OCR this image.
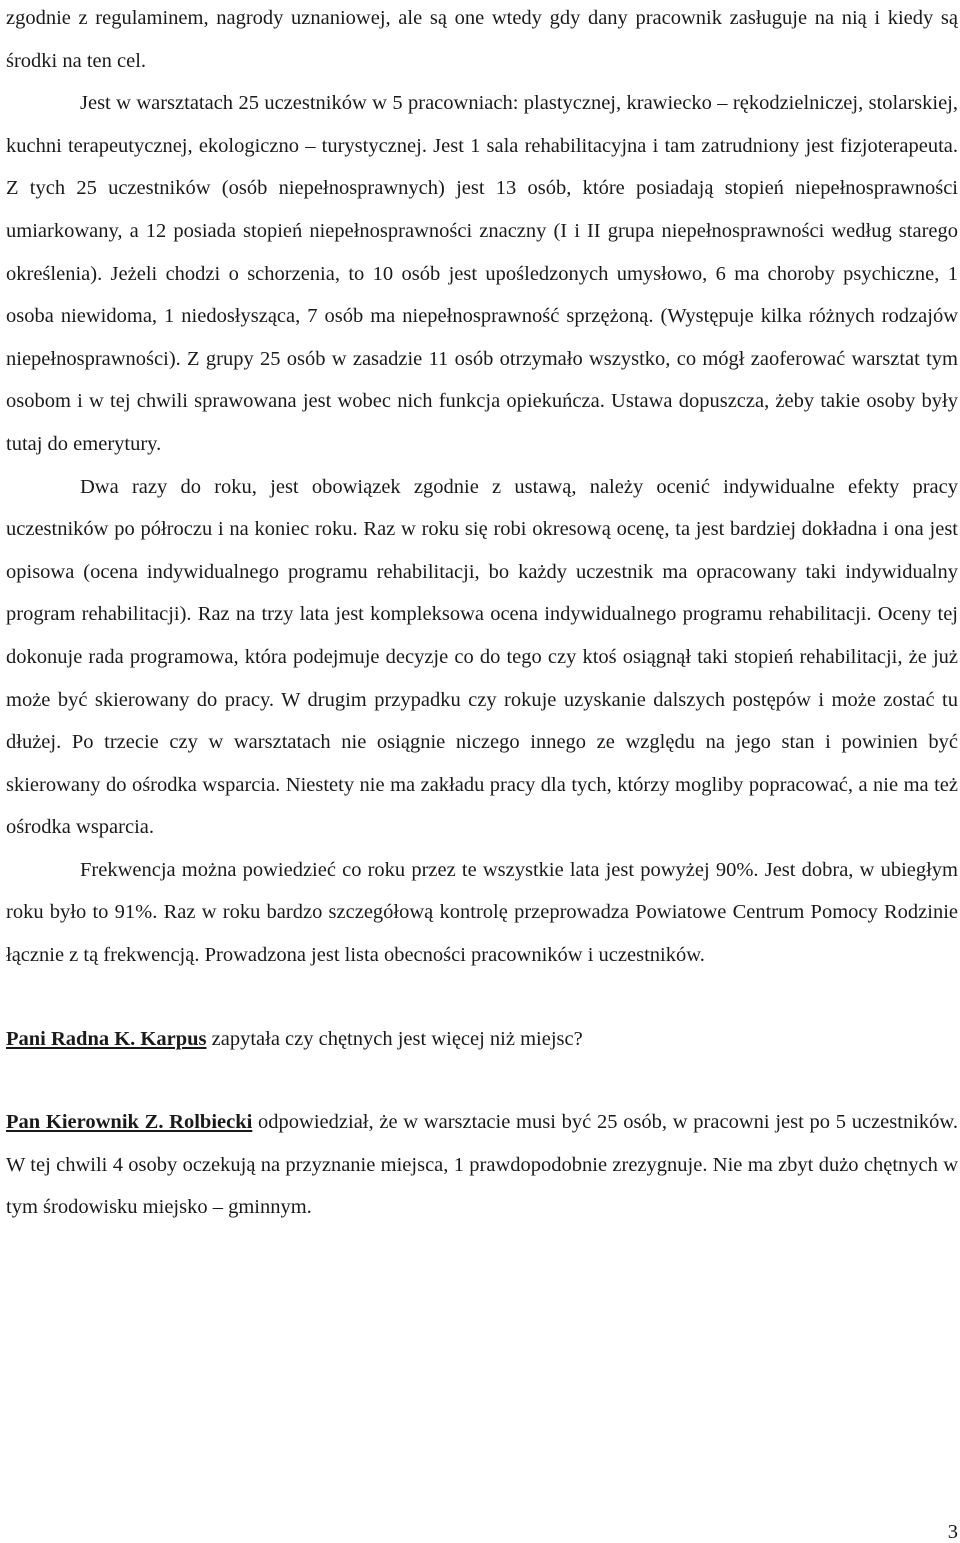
zgodnie z regulaminem, nagrody uznaniowej, ale są one wtedy gdy dany pracownik zasługuje na nią i kiedy są środki na ten cel.

Jest w warsztatach 25 uczestników w 5 pracowniach: plastycznej, krawiecko – rękodzielniczej, stolarskiej, kuchni terapeutycznej, ekologiczno – turystycznej. Jest 1 sala rehabilitacyjna i tam zatrudniony jest fizjoterapeuta. Z tych 25 uczestników (osób niepełnosprawnych) jest 13 osób, które posiadają stopień niepełnosprawności umiarkowany, a 12 posiada stopień niepełnosprawności znaczny (I i II grupa niepełnosprawności według starego określenia). Jeżeli chodzi o schorzenia, to 10 osób jest upośledzonych umysłowo, 6 ma choroby psychiczne, 1 osoba niewidoma, 1 niedosłysząca, 7 osób ma niepełnosprawność sprzężoną. (Występuje kilka różnych rodzajów niepełnosprawności). Z grupy 25 osób w zasadzie 11 osób otrzymało wszystko, co mógł zaoferować warsztat tym osobom i w tej chwili sprawowana jest wobec nich funkcja opiekuńcza. Ustawa dopuszcza, żeby takie osoby były tutaj do emerytury.

Dwa razy do roku, jest obowiązek zgodnie z ustawą, należy ocenić indywidualne efekty pracy uczestników po półroczu i na koniec roku. Raz w roku się robi okresową ocenę, ta jest bardziej dokładna i ona jest opisowa (ocena indywidualnego programu rehabilitacji, bo każdy uczestnik ma opracowany taki indywidualny program rehabilitacji). Raz na trzy lata jest kompleksowa ocena indywidualnego programu rehabilitacji. Oceny tej dokonuje rada programowa, która podejmuje decyzje co do tego czy ktoś osiągnął taki stopień rehabilitacji, że już może być skierowany do pracy. W drugim przypadku czy rokuje uzyskanie dalszych postępów i może zostać tu dłużej. Po trzecie czy w warsztatach nie osiągnie niczego innego ze względu na jego stan i powinien być skierowany do ośrodka wsparcia. Niestety nie ma zakładu pracy dla tych, którzy mogliby popracować, a nie ma też ośrodka wsparcia.

Frekwencja można powiedzieć co roku przez te wszystkie lata jest powyżej 90%. Jest dobra, w ubiegłym roku było to 91%. Raz w roku bardzo szczegółową kontrolę przeprowadza Powiatowe Centrum Pomocy Rodzinie łącznie z tą frekwencją. Prowadzona jest lista obecności pracowników i uczestników.

Pani Radna K. Karpus zapytała czy chętnych jest więcej niż miejsc?

Pan Kierownik Z. Rolbiecki odpowiedział, że w warsztacie musi być 25 osób, w pracowni jest po 5 uczestników. W tej chwili 4 osoby oczekują na przyznanie miejsca, 1 prawdopodobnie zrezygnuje. Nie ma zbyt dużo chętnych w tym środowisku miejsko – gminnym.

3
